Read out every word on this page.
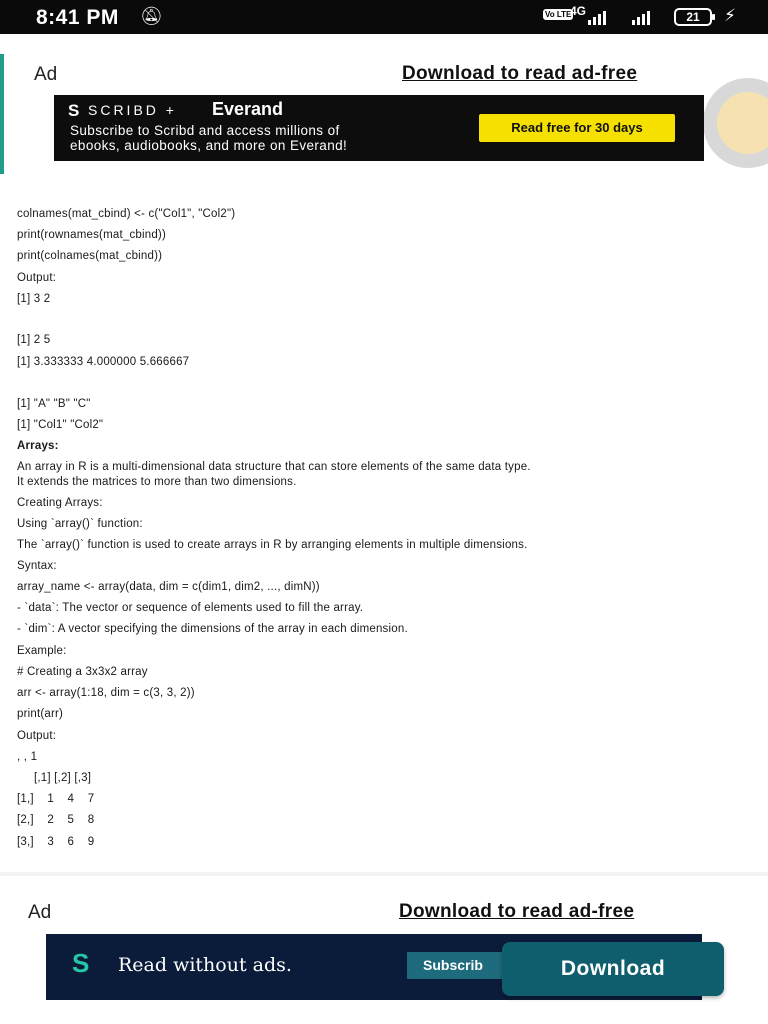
8:41 PM 🔕︎	Vo LTE
4G	21	⚡︎
Ad	Download to read ad-free
S SCRIBD + Everand
Subscribe to Scribd and access millions of
ebooks, audiobooks, and more on Everand!
Read free for 30 days
colnames(mat_cbind) <- c("Col1", "Col2")
print(rownames(mat_cbind))
print(colnames(mat_cbind))
Output:
[1] 3 2
[1] 2 5
[1] 3.333333 4.000000 5.666667
[1] "A" "B" "C"
[1] "Col1" "Col2"
Arrays:
An array in R is a multi-dimensional data structure that can store elements of the same data type.
It extends the matrices to more than two dimensions.
Creating Arrays:
Using `array()` function:
The `array()` function is used to create arrays in R by arranging elements in multiple dimensions.
Syntax:
array_name <- array(data, dim = c(dim1, dim2, ..., dimN))
- `data`: The vector or sequence of elements used to fill the array.
- `dim`: A vector specifying the dimensions of the array in each dimension.
Example:
# Creating a 3x3x2 array
arr <- array(1:18, dim = c(3, 3, 2))
print(arr)
Output:
, , 1
[,1] [,2] [,3]
[1,]    1    4    7
[2,]    2    5    8
[3,]    3    6    9
Ad	Download to read ad-free
S Read without ads.	Subscrib	Download
